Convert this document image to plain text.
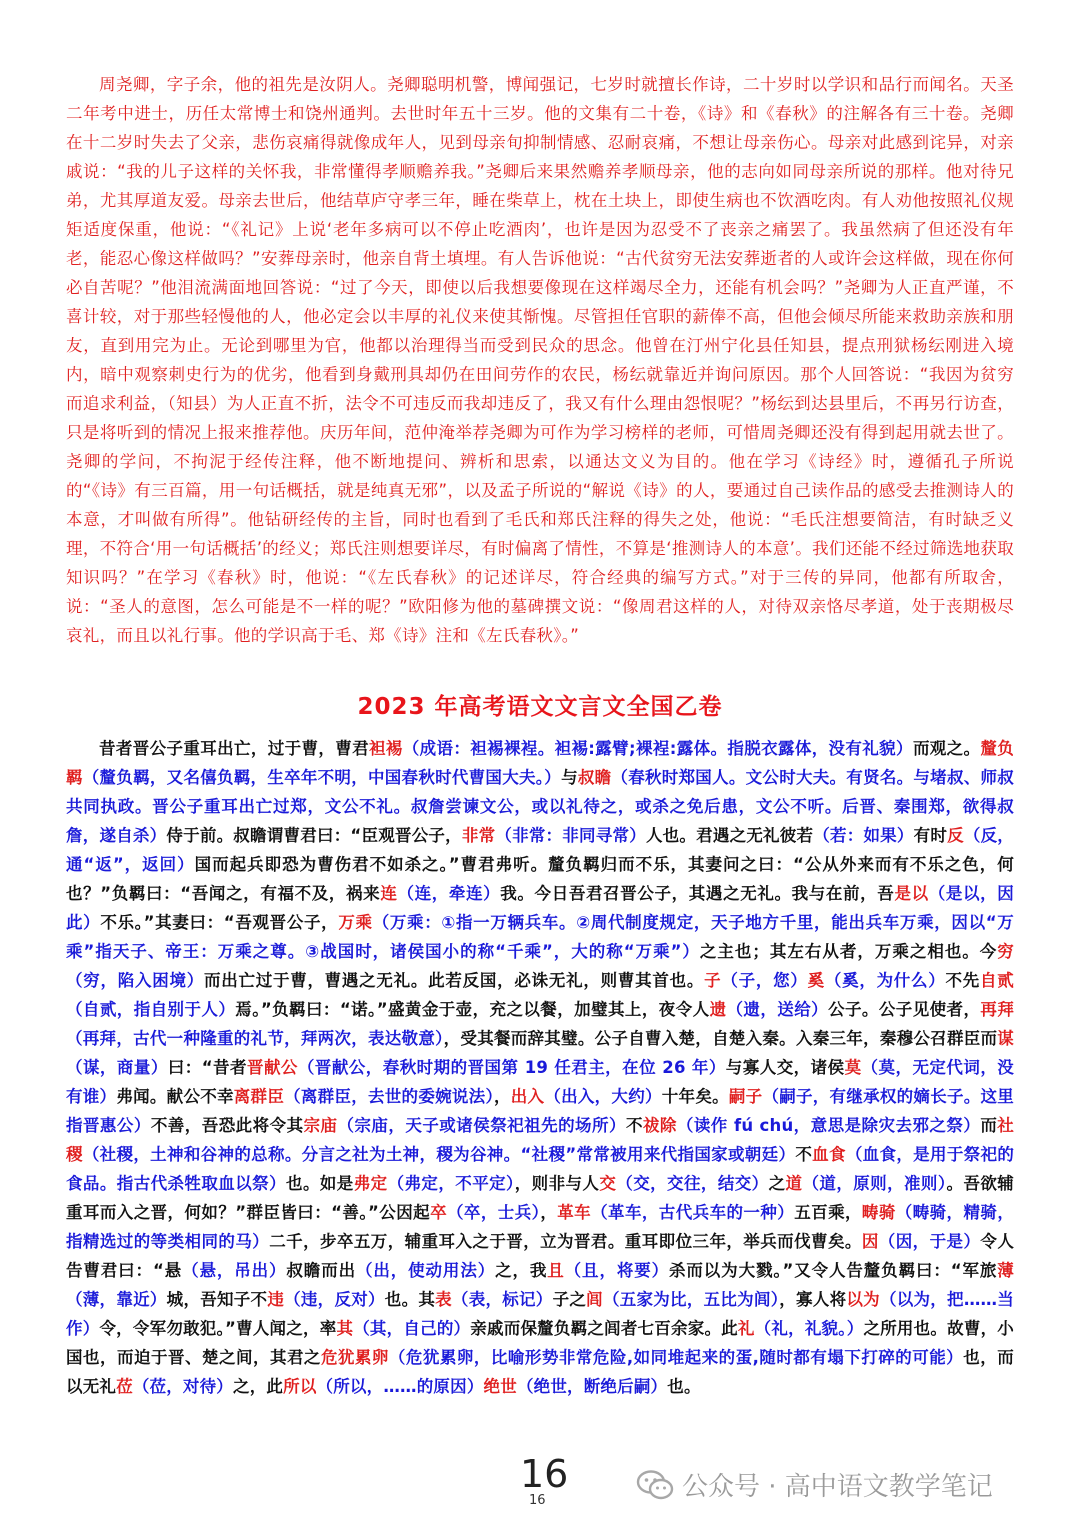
周尧卿，字子余，他的祖先是汝阴人。尧卿聪明机警，博闻强记，七岁时就擅长作诗，二十岁时以学识和品行而闻名。天圣二年考中进士，历任太常博士和饶州通判。去世时年五十三岁。他的文集有二十卷，《诗》和《春秋》的注解各有三十卷。尧卿在十二岁时失去了父亲，悲伤哀痛得就像成年人，见到母亲旬抑制情感、忍耐哀痛，不想让母亲伤心。母亲对此感到诧异，对亲戚说：“我的儿子这样的关怀我，非常懂得孝顺赡养我。”尧卿后来果然赡养孝顺母亲，他的志向如同母亲所说的那样。他对待兄弟，尤其厚道友爱。母亲去世后，他结草庐守孝三年，睡在柴草上，枕在土块上，即使生病也不饮酒吃肉。有人劝他按照礼仪规矩适度保重，他说：“《礼记》上说‘老年多病可以不停止吃酒肉’，也许是因为忍受不了丧亲之痛罢了。我虽然病了但还没有年老，能忍心像这样做吗？”安葬母亲时，他亲自背土填埋。有人告诉他说：“古代贫穷无法安葬逝者的人或许会这样做，现在你何必自苦呢？”他泪流满面地回答说：“过了今天，即使以后我想要像现在这样竭尽全力，还能有机会吗？”尧卿为人正直严谨，不喜计较，对于那些轻慢他的人，他必定会以丰厚的礼仪来使其惭愧。尽管担任官职的薪俸不高，但他会倾尽所能来救助亲族和朋友，直到用完为止。无论到哪里为官，他都以治理得当而受到民众的思念。他曾在汀州宁化县任知县，提点刑狱杨纭刚进入境内，暗中观察刺史行为的优劣，他看到身戴刑具却仍在田间劳作的农民，杨纭就靠近并询问原因。那个人回答说：“我因为贫穷而追求利益，（知县）为人正直不折，法令不可违反而我却违反了，我又有什么理由怨恨呢？”杨纭到达县里后，不再另行访查，只是将听到的情况上报来推荐他。庆历年间，范仲淹举荐尧卿为可作为学习榜样的老师，可惜周尧卿还没有得到起用就去世了。尧卿的学问，不拘泥于经传注释，他不断地提问、辨析和思索，以通达文义为目的。他在学习《诗经》时，遵循孔子所说的“《诗》有三百篇，用一句话概括，就是纯真无邪”，以及孟子所说的“解说《诗》的人，要通过自己读作品的感受去推测诗人的本意，才叫做有所得”。他钻研经传的主旨，同时也看到了毛氏和郑氏注释的得失之处，他说：“毛氏注想要简洁，有时缺乏义理，不符合‘用一句话概括’的经义；郑氏注则想要详尽，有时偏离了情性，不算是‘推测诗人的本意’。我们还能不经过筛选地获取知识吗？”在学习《春秋》时，他说：“《左氏春秋》的记述详尽，符合经典的编写方式。”对于三传的异同，他都有所取舍，说：“圣人的意图，怎么可能是不一样的呢？”欧阳修为他的墓碑撰文说：“像周君这样的人，对待双亲恪尽孝道，处于丧期极尽哀礼，而且以礼行事。他的学识高于毛、郑《诗》注和《左氏春秋》。”
2023 年高考语文文言文全国乙卷
昔者晋公子重耳出亡，过于曹，曹君袒裼（成语：袒裼裸裎。袒裼:露臂;裸裎:露体。指脱衣露体，没有礼貌）而观之。釐负羁（釐负羁，又名僖负羁，生卒年不明，中国春秋时代曹国大夫。）与叔瞻（春秋时郑国人。文公时大夫。有贤名。与堵叔、师叔共同执政。晋公子重耳出亡过郑，文公不礼。叔詹尝谏文公，或以礼待之，或杀之免后患，文公不听。后晋、秦围郑，欲得叔詹，遂自杀）侍于前。叔瞻谓曹君曰：“臣观晋公子，非常（非常：非同寻常）人也。君遇之无礼彼若（若：如果）有时反（反，通“返”，返回）国而起兵即恐为曹伤君不如杀之。”曹君弗听。釐负羁归而不乐，其妻问之曰：“公从外来而有不乐之色，何也？”负羁曰：“吾闻之，有福不及，祸来连（连，牵连）我。今日吾君召晋公子，其遇之无礼。我与在前，吾是以（是以，因此）不乐。”其妻曰：“吾观晋公子，万乘（万乘：①指一万辆兵车。②周代制度规定，天子地方千里，能出兵车万乘，因以“万乘”指天子、帝王：万乘之尊。③战国时，诸侯国小的称“千乘”，大的称“万乘”）之主也；其左右从者，万乘之相也。今穷（穷，陷入困境）而出亡过于曹，曹遇之无礼。此若反国，必诛无礼，则曹其首也。子（子，您）奚（奚，为什么）不先自贰（自贰，指自别于人）焉。”负羁曰：“诺。”盛黄金于壶，充之以餐，加璧其上，夜令人遗（遗，送给）公子。公子见使者，再拜（再拜，古代一种隆重的礼节，拜两次，表达敬意），受其餐而辞其璧。公子自曹入楚，自楚入秦。入秦三年，秦穆公召群臣而谋（谋，商量）曰：“昔者晋献公（晋献公，春秋时期的晋国第 19 任君主，在位 26 年）与寡人交，诸侯莫（莫，无定代词，没有谁）弗闻。献公不幸离群臣（离群臣，去世的委婉说法），出入（出入，大约）十年矣。嗣子（嗣子，有继承权的嫡长子。这里指晋惠公）不善，吾恐此将令其宗庙（宗庙，天子或诸侯祭祀祖先的场所）不祓除（读作 fú chú，意思是除灾去邪之祭）而社稷（社稷，土神和谷神的总称。分言之社为土神，稷为谷神。“社稷”常常被用来代指国家或朝廷）不血食（血食，是用于祭祀的食品。指古代杀牲取血以祭）也。如是弗定（弗定，不平定），则非与人交（交，交往，结交）之道（道，原则，准则）。吾欲辅重耳而入之晋，何如？”群臣皆曰：“善。”公因起卒（卒，士兵），革车（革车，古代兵车的一种）五百乘，畴骑（畴骑，精骑，指精选过的等类相同的马）二千，步卒五万，辅重耳入之于晋，立为晋君。重耳即位三年，举兵而伐曹矣。因（因，于是）令人告曹君曰：“悬（悬，吊出）叔瞻而出（出，使动用法）之，我且（且，将要）杀而以为大戮。”又令人告釐负羁曰：“军旅薄（薄，靠近）城，吾知子不违（违，反对）也。其表（表，标记）子之闾（五家为比，五比为闾），寡人将以为（以为，把……当作）令，令军勿敢犯。”曹人闻之，率其（其，自己的）亲戚而保釐负羁之闾者七百余家。此礼（礼，礼貌。）之所用也。故曹，小国也，而迫于晋、楚之间，其君之危犹累卵（危犹累卵，比喻形势非常危险,如同堆起来的蛋,随时都有塌下打碎的可能）也，而以无礼莅（莅，对待）之，此所以（所以，……的原因）绝世（绝世，断绝后嗣）也。
16
16	公众号 · 高中语文教学笔记
